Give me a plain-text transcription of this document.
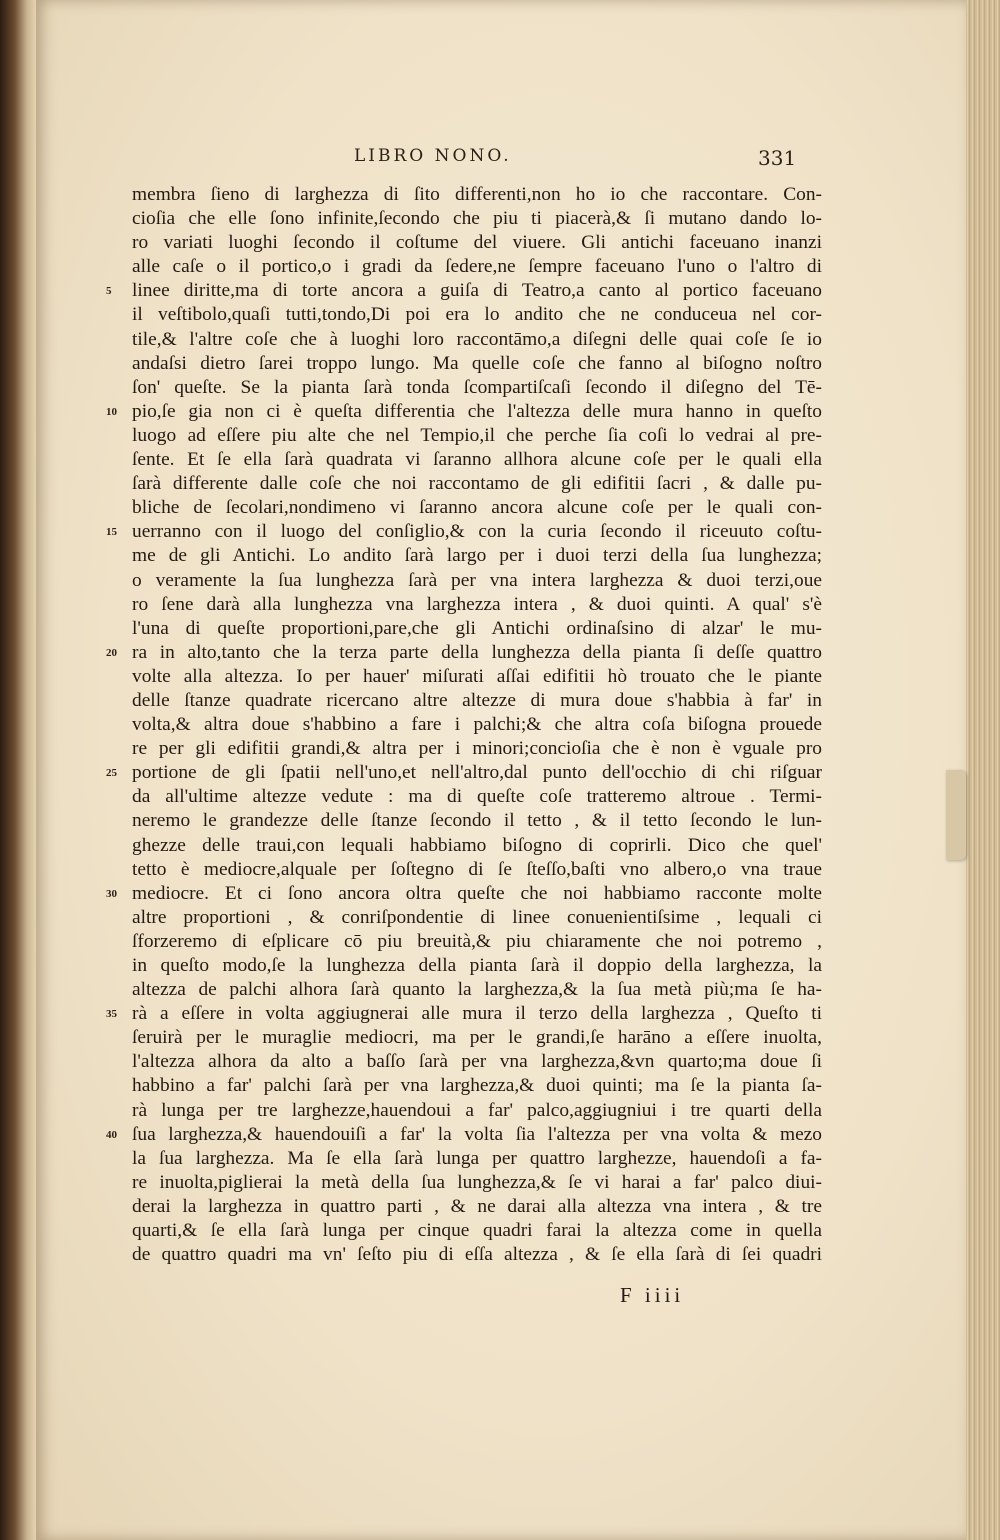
LIBRO NONO.	331
5
10
15
20
25
30
35
40
membra ſieno di larghezza di ſito differenti,non ho io che raccontare. Con-
cioſia che elle ſono infinite,ſecondo che piu ti piacerà,& ſi mutano dando lo-
ro variati luoghi ſecondo il coſtume del viuere. Gli antichi faceuano inanzi
alle caſe o il portico,o i gradi da ſedere,ne ſempre faceuano l'uno o l'altro di
linee diritte,ma di torte ancora a guiſa di Teatro,a canto al portico faceuano
il veſtibolo,quaſi tutti,tondo,Di poi era lo andito che ne conduceua nel cor-
tile,& l'altre coſe che à luoghi loro raccontāmo,a diſegni delle quai coſe ſe io
andaſsi dietro ſarei troppo lungo. Ma quelle coſe che fanno al biſogno noſtro
ſon' queſte. Se la pianta ſarà tonda ſcompartiſcaſi ſecondo il diſegno del Tē-
pio,ſe gia non ci è queſta differentia che l'altezza delle mura hanno in queſto
luogo ad eſſere piu alte che nel Tempio,il che perche ſia coſi lo vedrai al pre-
ſente. Et ſe ella ſarà quadrata vi ſaranno allhora alcune coſe per le quali ella
ſarà differente dalle coſe che noi raccontamo de gli edifitii ſacri , & dalle pu-
bliche de ſecolari,nondimeno vi ſaranno ancora alcune coſe per le quali con-
uerranno con il luogo del conſiglio,& con la curia ſecondo il riceuuto coſtu-
me de gli Antichi. Lo andito ſarà largo per i duoi terzi della ſua lunghezza;
o veramente la ſua lunghezza ſarà per vna intera larghezza & duoi terzi,oue
ro ſene darà alla lunghezza vna larghezza intera , & duoi quinti. A qual' s'è
l'una di queſte proportioni,pare,che gli Antichi ordinaſsino di alzar' le mu-
ra in alto,tanto che la terza parte della lunghezza della pianta ſi deſſe quattro
volte alla altezza. Io per hauer' miſurati aſſai edifitii hò trouato che le piante
delle ſtanze quadrate ricercano altre altezze di mura doue s'habbia à far' in
volta,& altra doue s'habbino a fare i palchi;& che altra coſa biſogna prouede
re per gli edifitii grandi,& altra per i minori;concioſia che è non è vguale pro
portione de gli ſpatii nell'uno,et nell'altro,dal punto dell'occhio di chi riſguar
da all'ultime altezze vedute : ma di queſte coſe tratteremo altroue . Termi-
neremo le grandezze delle ſtanze ſecondo il tetto , & il tetto ſecondo le lun-
ghezze delle traui,con lequali habbiamo biſogno di coprirli. Dico che quel'
tetto è mediocre,alquale per ſoſtegno di ſe ſteſſo,baſti vno albero,o vna traue
mediocre. Et ci ſono ancora oltra queſte che noi habbiamo racconte molte
altre proportioni , & conriſpondentie di linee conuenientiſsime , lequali ci
ſforzeremo di eſplicare cō piu breuità,& piu chiaramente che noi potremo ,
in queſto modo,ſe la lunghezza della pianta ſarà il doppio della larghezza, la
altezza de palchi alhora ſarà quanto la larghezza,& la ſua metà più;ma ſe ha-
rà a eſſere in volta aggiugnerai alle mura il terzo della larghezza , Queſto ti
ſeruirà per le muraglie mediocri, ma per le grandi,ſe harāno a eſſere inuolta,
l'altezza alhora da alto a baſſo ſarà per vna larghezza,&vn quarto;ma doue ſi
habbino a far' palchi ſarà per vna larghezza,& duoi quinti; ma ſe la pianta ſa-
rà lunga per tre larghezze,hauendoui a far' palco,aggiugniui i tre quarti della
ſua larghezza,& hauendouiſi a far' la volta ſia l'altezza per vna volta & mezo
la ſua larghezza. Ma ſe ella ſarà lunga per quattro larghezze, hauendoſi a fa-
re inuolta,piglierai la metà della ſua lunghezza,& ſe vi harai a far' palco diui-
derai la larghezza in quattro parti , & ne darai alla altezza vna intera , & tre
quarti,& ſe ella ſarà lunga per cinque quadri farai la altezza come in quella
de quattro quadri ma vn' ſeſto piu di eſſa altezza , & ſe ella ſarà di ſei quadri
F iiii
